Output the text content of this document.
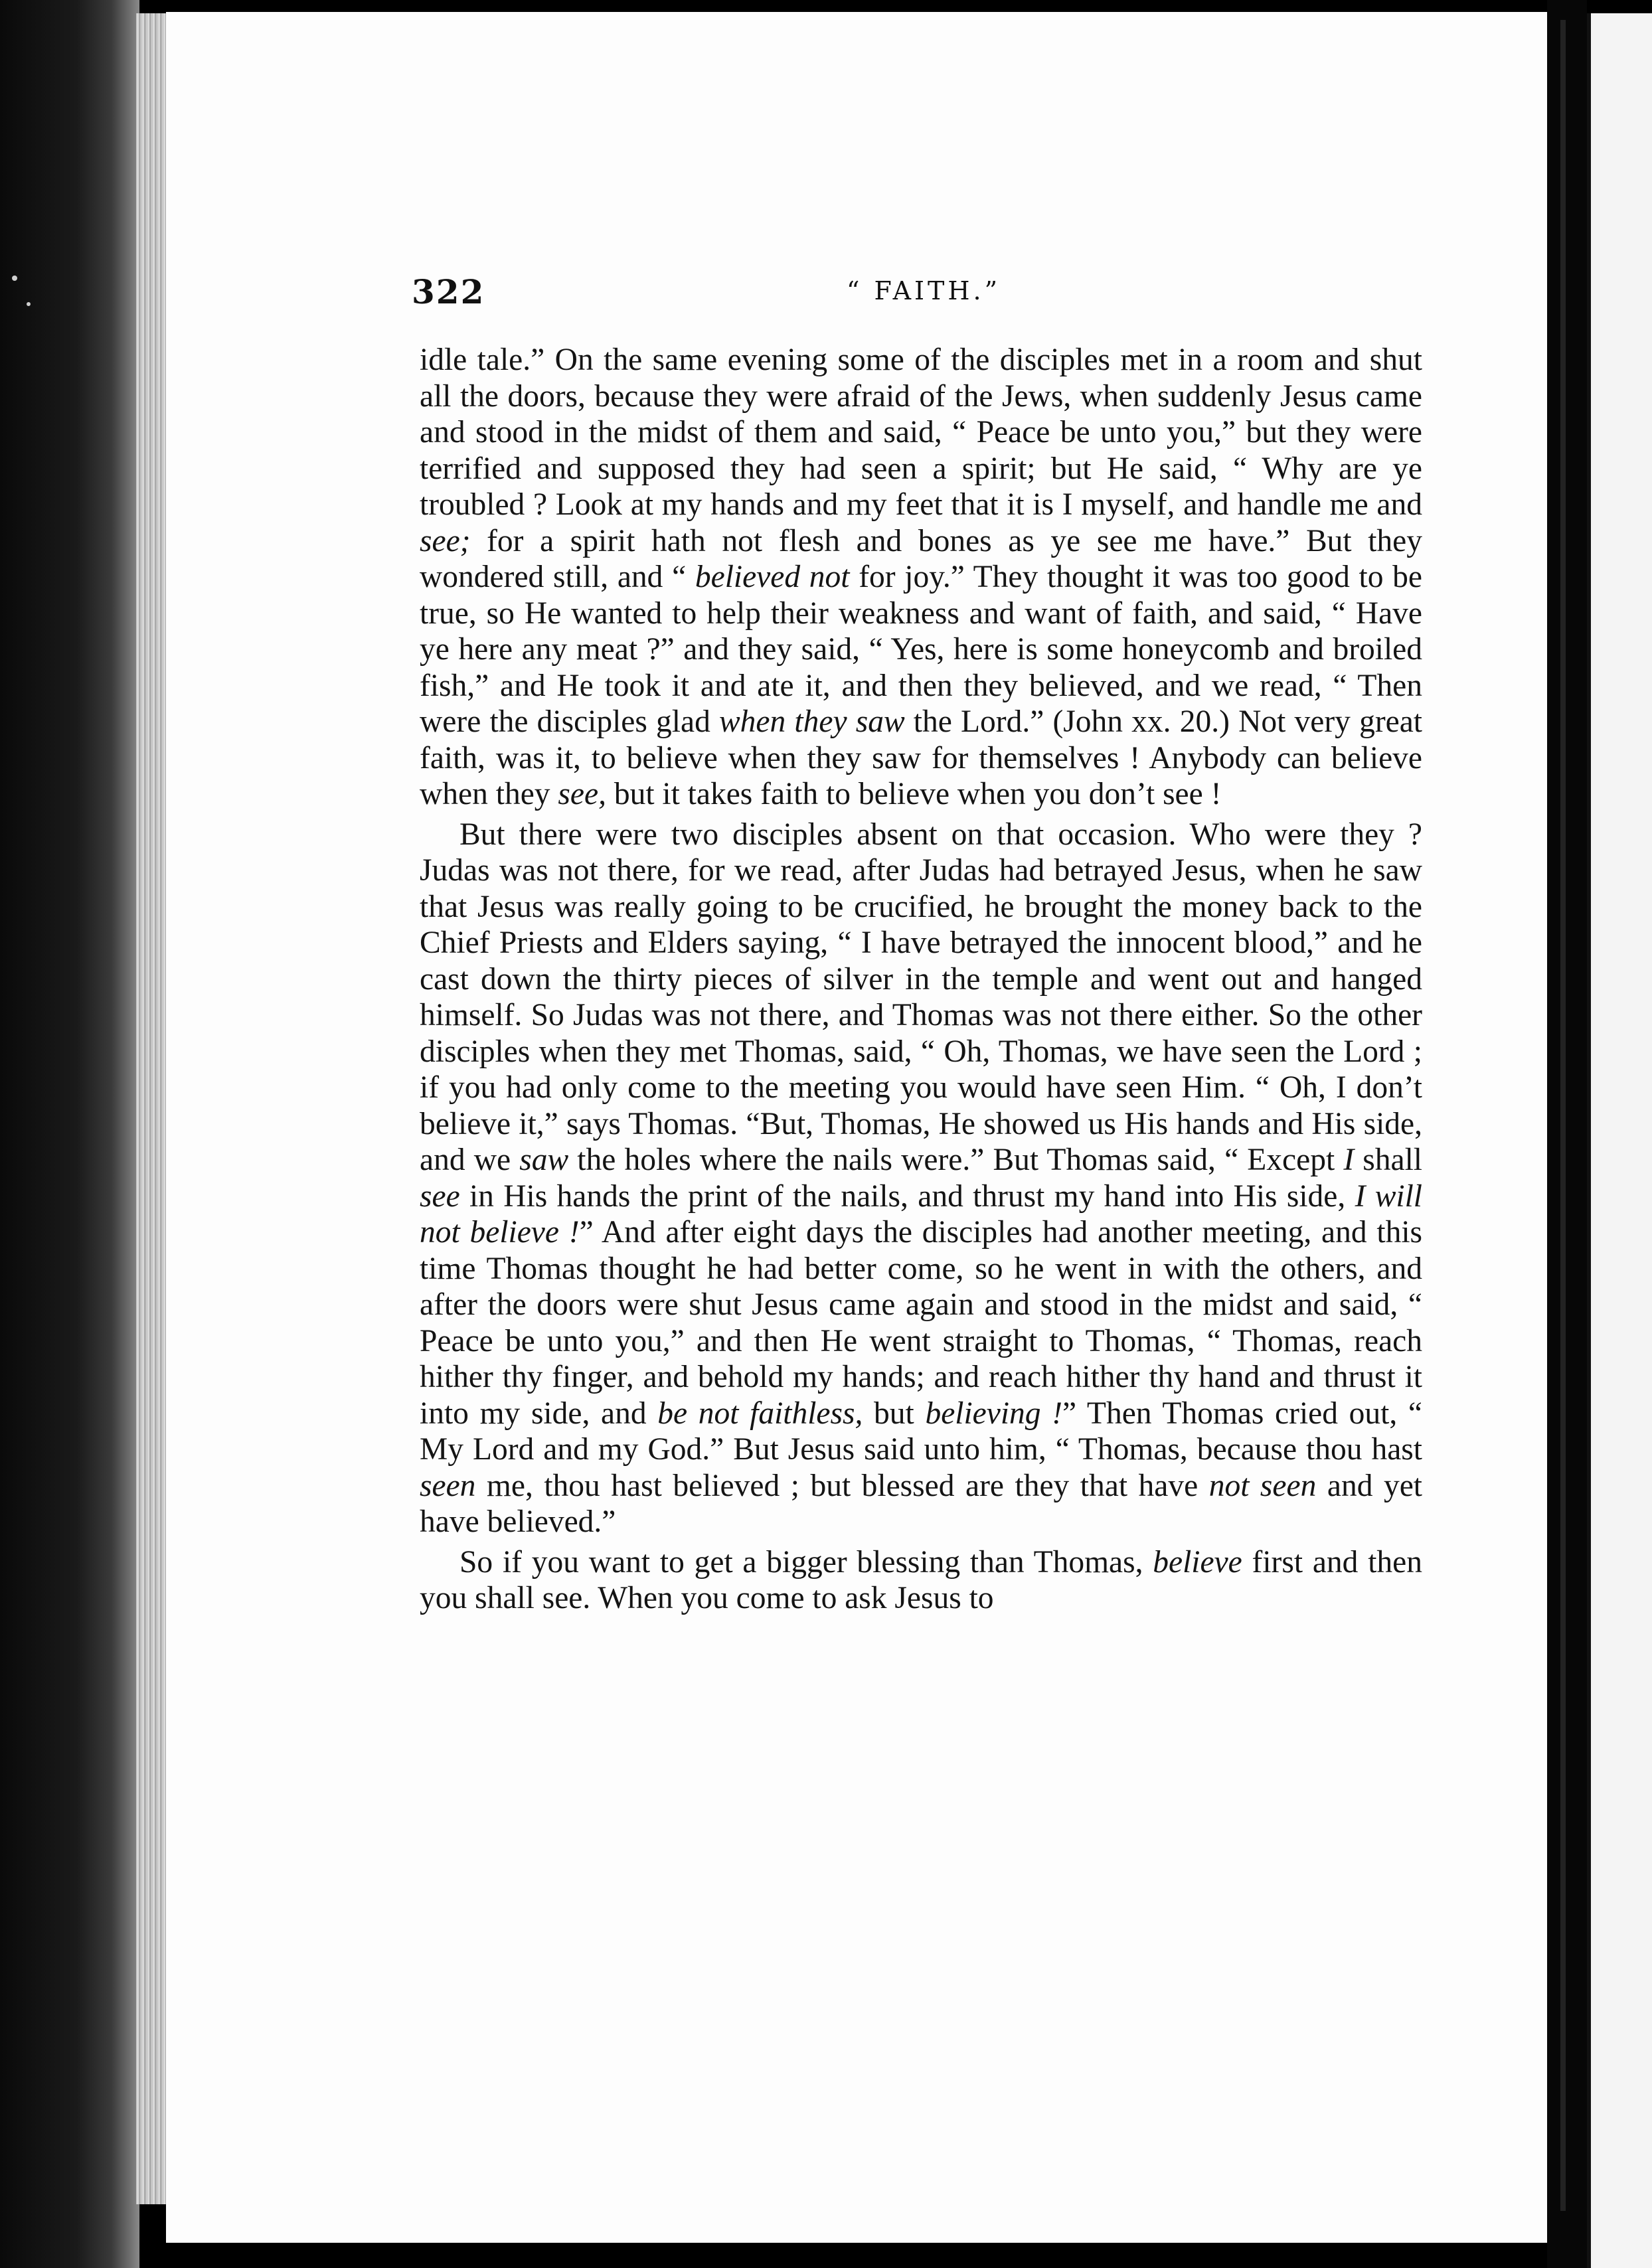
322	“ FAITH.”

idle tale.” On the same evening some of the disciples met in a room and shut all the doors, because they were afraid of the Jews, when suddenly Jesus came and stood in the midst of them and said, “ Peace be unto you,” but they were terrified and supposed they had seen a spirit; but He said, “ Why are ye troubled ? Look at my hands and my feet that it is I myself, and handle me and see; for a spirit hath not flesh and bones as ye see me have.” But they wondered still, and “ believed not for joy.” They thought it was too good to be true, so He wanted to help their weakness and want of faith, and said, “ Have ye here any meat ?” and they said, “ Yes, here is some honeycomb and broiled fish,” and He took it and ate it, and then they believed, and we read, “ Then were the disciples glad when they saw the Lord.” (John xx. 20.) Not very great faith, was it, to believe when they saw for themselves ! Anybody can believe when they see, but it takes faith to believe when you don’t see !

But there were two disciples absent on that occasion. Who were they ? Judas was not there, for we read, after Judas had betrayed Jesus, when he saw that Jesus was really going to be crucified, he brought the money back to the Chief Priests and Elders saying, “ I have betrayed the innocent blood,” and he cast down the thirty pieces of silver in the temple and went out and hanged himself. So Judas was not there, and Thomas was not there either. So the other disciples when they met Thomas, said, “ Oh, Thomas, we have seen the Lord ; if you had only come to the meeting you would have seen Him. “ Oh, I don’t believe it,” says Thomas. “But, Thomas, He showed us His hands and His side, and we saw the holes where the nails were.” But Thomas said, “ Except I shall see in His hands the print of the nails, and thrust my hand into His side, I will not believe !” And after eight days the disciples had another meeting, and this time Thomas thought he had better come, so he went in with the others, and after the doors were shut Jesus came again and stood in the midst and said, “ Peace be unto you,” and then He went straight to Thomas, “ Thomas, reach hither thy finger, and behold my hands; and reach hither thy hand and thrust it into my side, and be not faithless, but believing !” Then Thomas cried out, “ My Lord and my God.” But Jesus said unto him, “ Thomas, because thou hast seen me, thou hast believed ; but blessed are they that have not seen and yet have believed.”

So if you want to get a bigger blessing than Thomas, believe first and then you shall see. When you come to ask Jesus to
